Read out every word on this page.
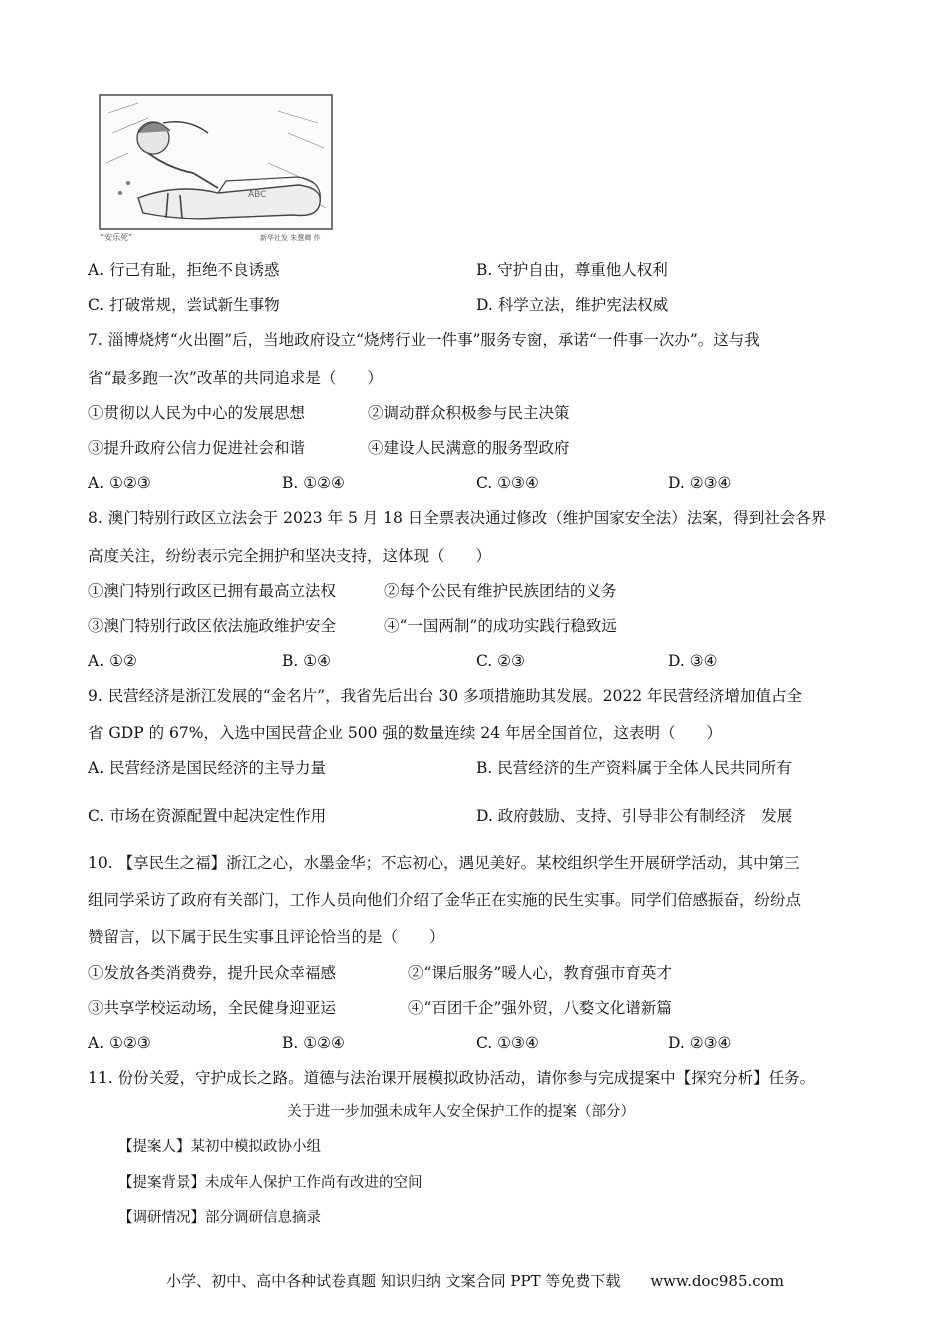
ABC
“安乐死”	新华社发 朱慧卿 作
A. 行己有耻，拒绝不良诱惑	B. 守护自由，尊重他人权利
C. 打破常规，尝试新生事物	D. 科学立法，维护宪法权威
7. 淄博烧烤“火出圈”后，当地政府设立“烧烤行业一件事”服务专窗，承诺“一件事一次办”。这与我
省“最多跑一次”改革的共同追求是（　　）
①贯彻以人民为中心的发展思想	②调动群众积极参与民主决策
③提升政府公信力促进社会和谐	④建设人民满意的服务型政府
A. ①②③	B. ①②④	C. ①③④	D. ②③④
8. 澳门特别行政区立法会于 2023 年 5 月 18 日全票表决通过修改（维护国家安全法）法案，得到社会各界
高度关注，纷纷表示完全拥护和坚决支持，这体现（　　）
①澳门特别行政区已拥有最高立法权	②每个公民有维护民族团结的义务
③澳门特别行政区依法施政维护安全	④“一国两制”的成功实践行稳致远
A. ①②	B. ①④	C. ②③	D. ③④
9. 民营经济是浙江发展的“金名片”，我省先后出台 30 多项措施助其发展。2022 年民营经济增加值占全
省 GDP 的 67%，入选中国民营企业 500 强的数量连续 24 年居全国首位，这表明（　　）
A. 民营经济是国民经济的主导力量	B. 民营经济的生产资料属于全体人民共同所有
C. 市场在资源配置中起决定性作用	D. 政府鼓励、支持、引导非公有制经济　发展
10. 【享民生之福】浙江之心，水墨金华；不忘初心，遇见美好。某校组织学生开展研学活动，其中第三
组同学采访了政府有关部门，工作人员向他们介绍了金华正在实施的民生实事。同学们倍感振奋，纷纷点
赞留言，以下属于民生实事且评论恰当的是（　　）
①发放各类消费券，提升民众幸福感	②“课后服务”暖人心，教育强市育英才
③共享学校运动场，全民健身迎亚运	④“百团千企”强外贸，八婺文化谱新篇
A. ①②③	B. ①②④	C. ①③④	D. ②③④
11. 份份关爱，守护成长之路。道德与法治课开展模拟政协活动，请你参与完成提案中【探究分析】任务。
关于进一步加强未成年人安全保护工作的提案（部分）
【提案人】某初中模拟政协小组
【提案背景】未成年人保护工作尚有改进的空间
【调研情况】部分调研信息摘录
小学、初中、高中各种试卷真题 知识归纳 文案合同 PPT 等免费下载　　www.doc985.com
